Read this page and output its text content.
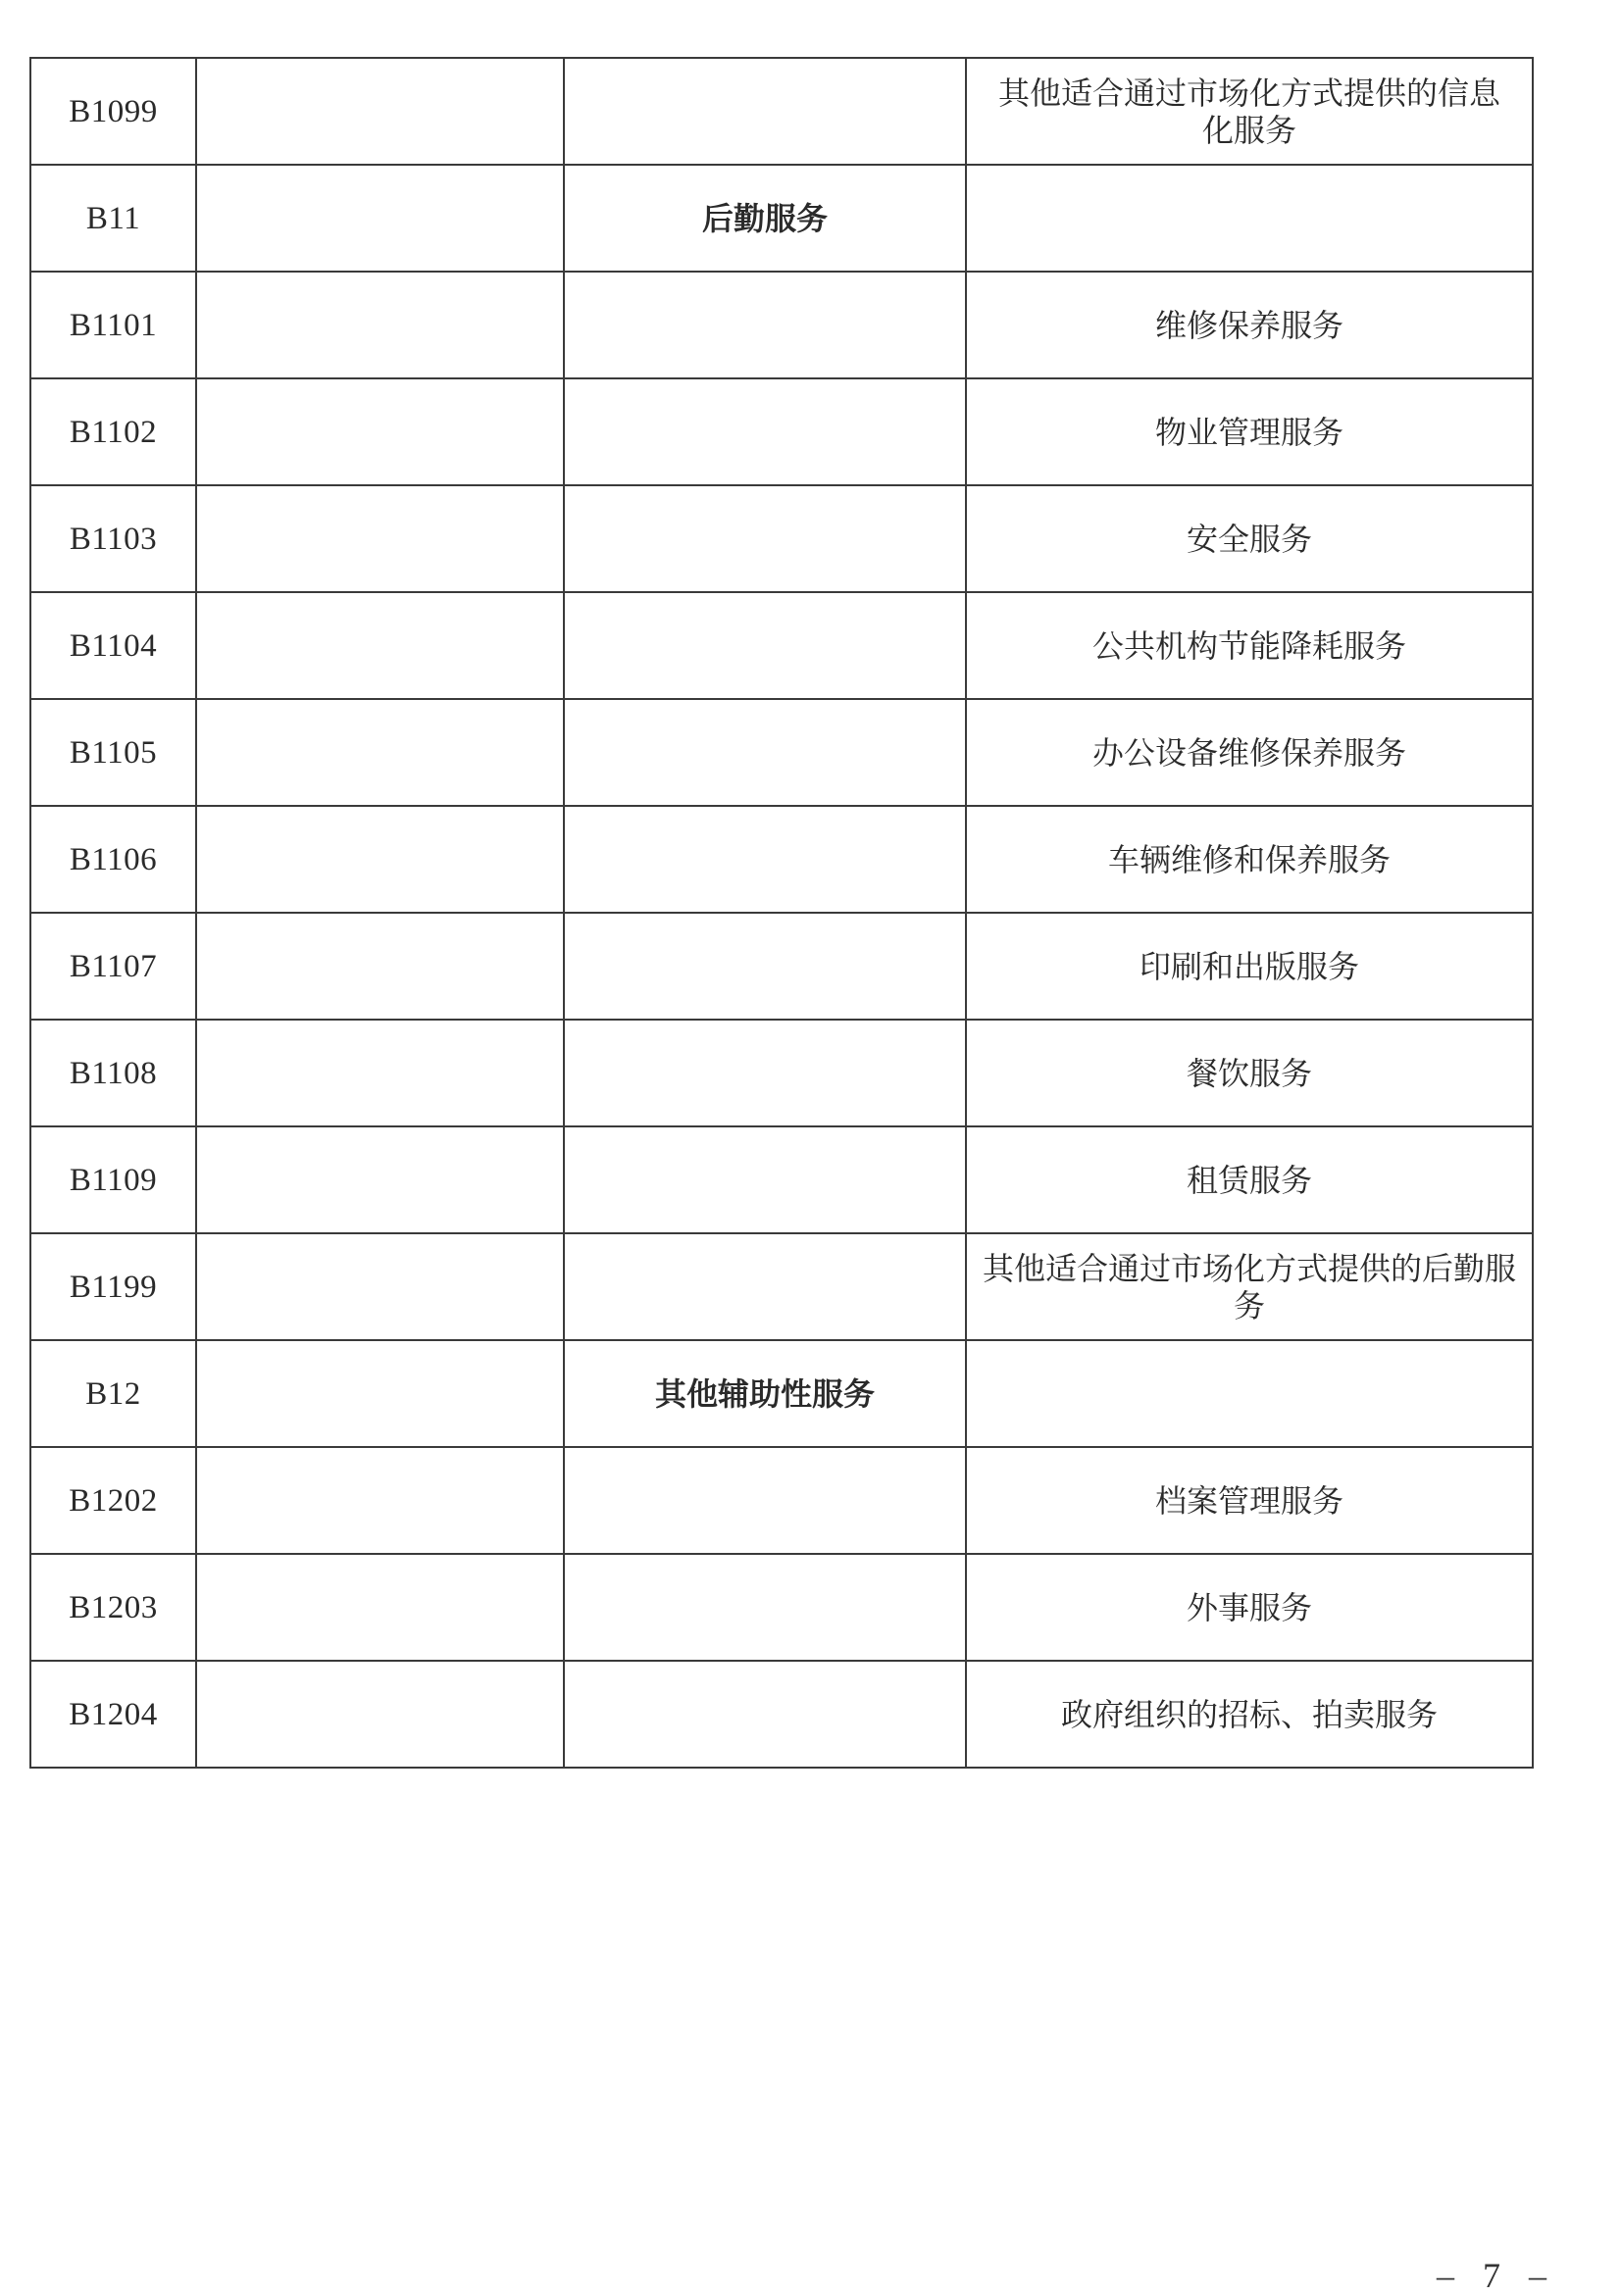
B1099			其他适合通过市场化方式提供的信息 化服务
B11		后勤服务	
B1101			维修保养服务
B1102			物业管理服务
B1103			安全服务
B1104			公共机构节能降耗服务
B1105			办公设备维修保养服务
B1106			车辆维修和保养服务
B1107			印刷和出版服务
B1108			餐饮服务
B1109			租赁服务
B1199			其他适合通过市场化方式提供的后勤服务
B12		其他辅助性服务	
B1202			档案管理服务
B1203			外事服务
B1204			政府组织的招标、拍卖服务
– 7 –
